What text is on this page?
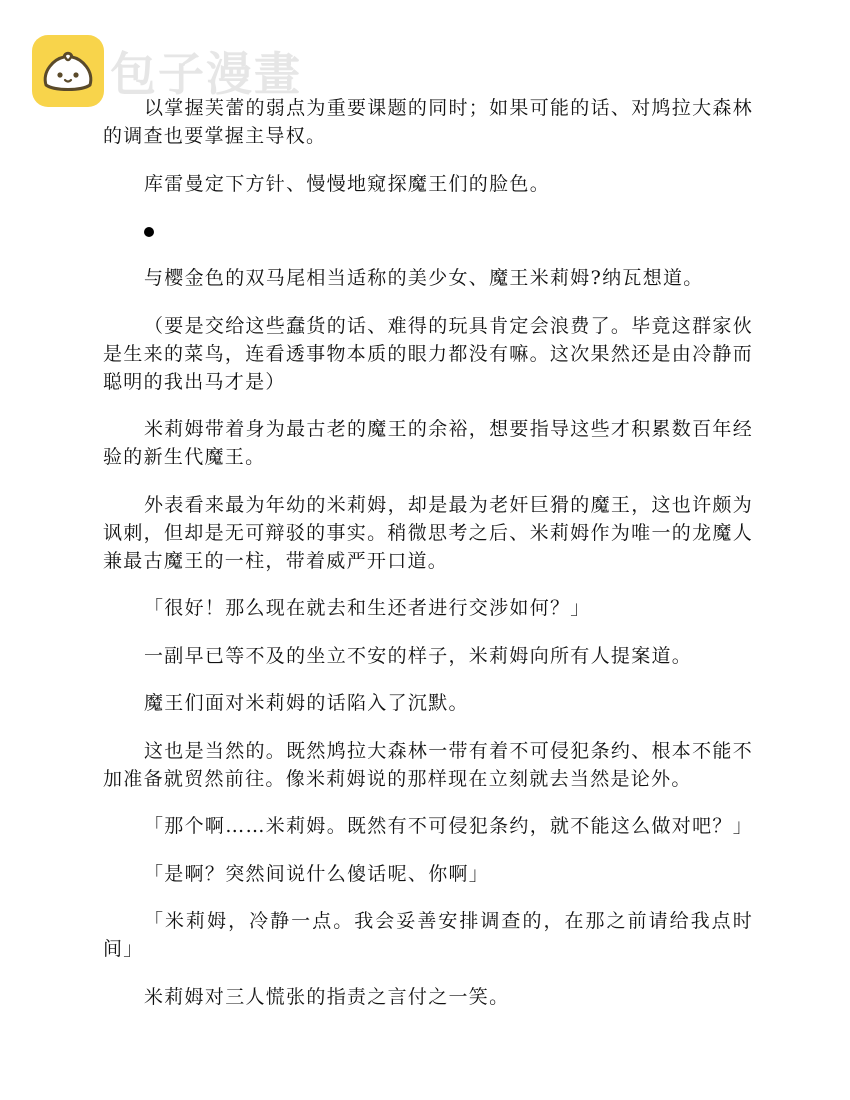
包子漫畫

以掌握芙蕾的弱点为重要课题的同时；如果可能的话、对鸠拉大森林的调查也要掌握主导权。

库雷曼定下方针、慢慢地窥探魔王们的脸色。

与樱金色的双马尾相当适称的美少女、魔王米莉姆?纳瓦想道。

（要是交给这些蠢货的话、难得的玩具肯定会浪费了。毕竟这群家伙是生来的菜鸟，连看透事物本质的眼力都没有嘛。这次果然还是由冷静而聪明的我出马才是）

米莉姆带着身为最古老的魔王的余裕，想要指导这些才积累数百年经验的新生代魔王。

外表看来最为年幼的米莉姆，却是最为老奸巨猾的魔王，这也许颇为讽刺，但却是无可辩驳的事实。稍微思考之后、米莉姆作为唯一的龙魔人兼最古魔王的一柱，带着威严开口道。

「很好！那么现在就去和生还者进行交涉如何？」

一副早已等不及的坐立不安的样子，米莉姆向所有人提案道。

魔王们面对米莉姆的话陷入了沉默。

这也是当然的。既然鸠拉大森林一带有着不可侵犯条约、根本不能不加准备就贸然前往。像米莉姆说的那样现在立刻就去当然是论外。

「那个啊……米莉姆。既然有不可侵犯条约，就不能这么做对吧？」

「是啊？突然间说什么傻话呢、你啊」

「米莉姆，冷静一点。我会妥善安排调查的，在那之前请给我点时间」

米莉姆对三人慌张的指责之言付之一笑。
